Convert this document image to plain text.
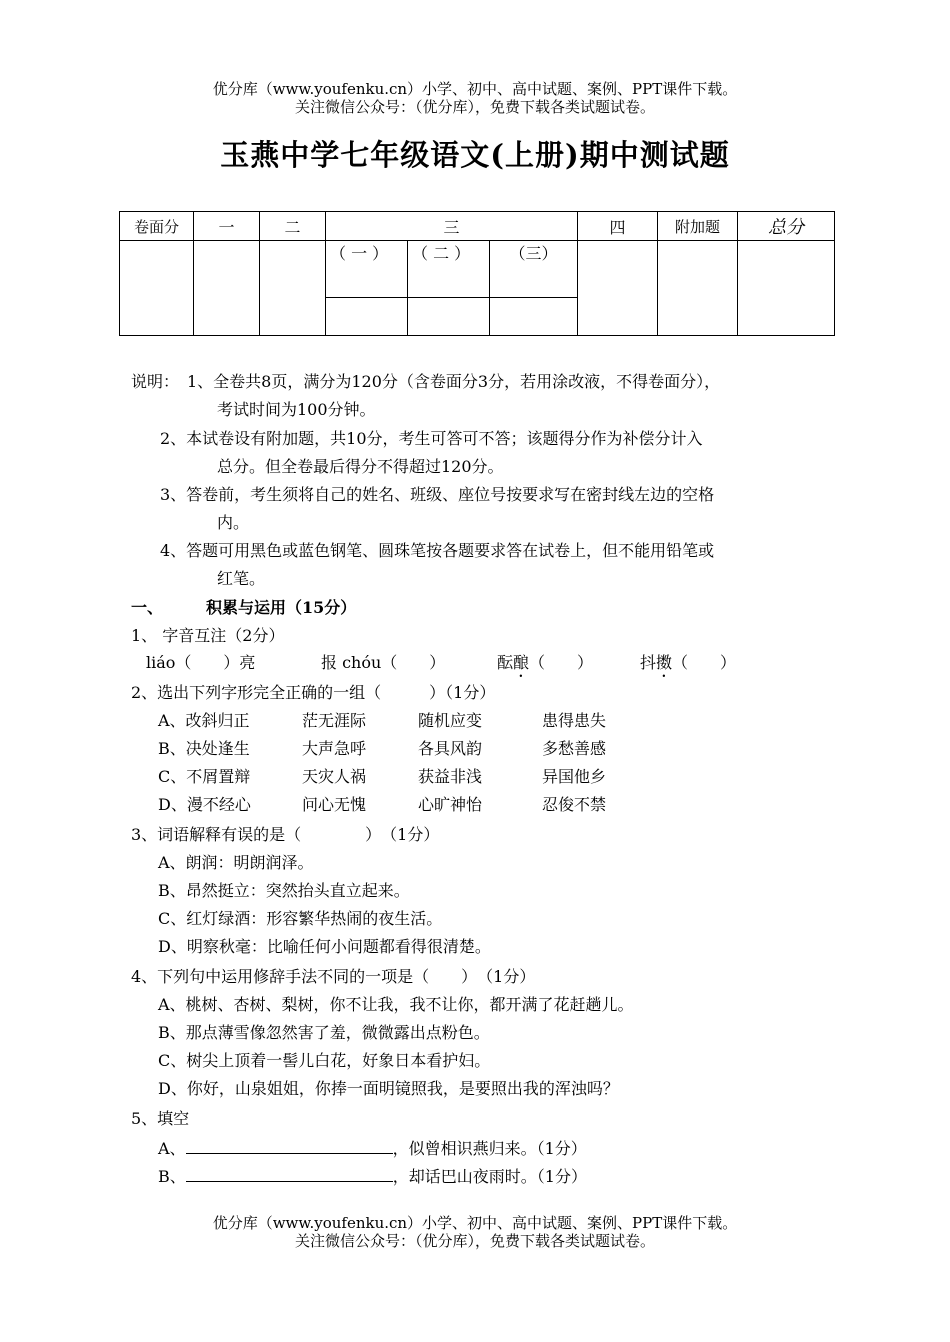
优分库（www.youfenku.cn）小学、初中、高中试题、案例、PPT课件下载。
关注微信公众号：（优分库），免费下载各类试题试卷。
玉燕中学七年级语文(上册)期中测试题
卷面分	一	二	三			四	附加题	总分
			（ 一 ）	（ 二 ）	（三）			

说明： 1、全卷共8页，满分为120分（含卷面分3分，若用涂改液，不得卷面分），
考试时间为100分钟。
2、本试卷设有附加题，共10分，考生可答可不答；该题得分作为补偿分计入
总分。但全卷最后得分不得超过120分。
3、答卷前，考生须将自己的姓名、班级、座位号按要求写在密封线左边的空格
内。
4、答题可用黑色或蓝色钢笔、圆珠笔按各题要求答在试卷上，但不能用铅笔或
红笔。
一、	积累与运用（15分）
1、 字音互注（2分）
liáo（　　）亮	报 chóu（　　）	酝酿（　　）	抖擞（　　）
2、选出下列字形完全正确的一组（　　　）（1分）
A、改斜归正	茫无涯际	随机应变	患得患失
B、决处逢生	大声急呼	各具风韵	多愁善感
C、不屑置辩	天灾人祸	获益非浅	异国他乡
D、漫不经心	问心无愧	心旷神怡	忍俊不禁
3、词语解释有误的是（　　　　）　（1分）
A、朗润：明朗润泽。
B、昂然挺立：突然抬头直立起来。
C、红灯绿酒：形容繁华热闹的夜生活。
D、明察秋毫：比喻任何小问题都看得很清楚。
4、下列句中运用修辞手法不同的一项是（　　）　（1分）
A、桃树、杏树、梨树，你不让我，我不让你，都开满了花赶趟儿。
B、那点薄雪像忽然害了羞，微微露出点粉色。
C、树尖上顶着一髻儿白花，好象日本看护妇。
D、你好，山泉姐姐，你捧一面明镜照我，是要照出我的浑浊吗？
5、填空
A、	，似曾相识燕归来。（1分）
B、	，却话巴山夜雨时。（1分）
优分库（www.youfenku.cn）小学、初中、高中试题、案例、PPT课件下载。
关注微信公众号：（优分库），免费下载各类试题试卷。
